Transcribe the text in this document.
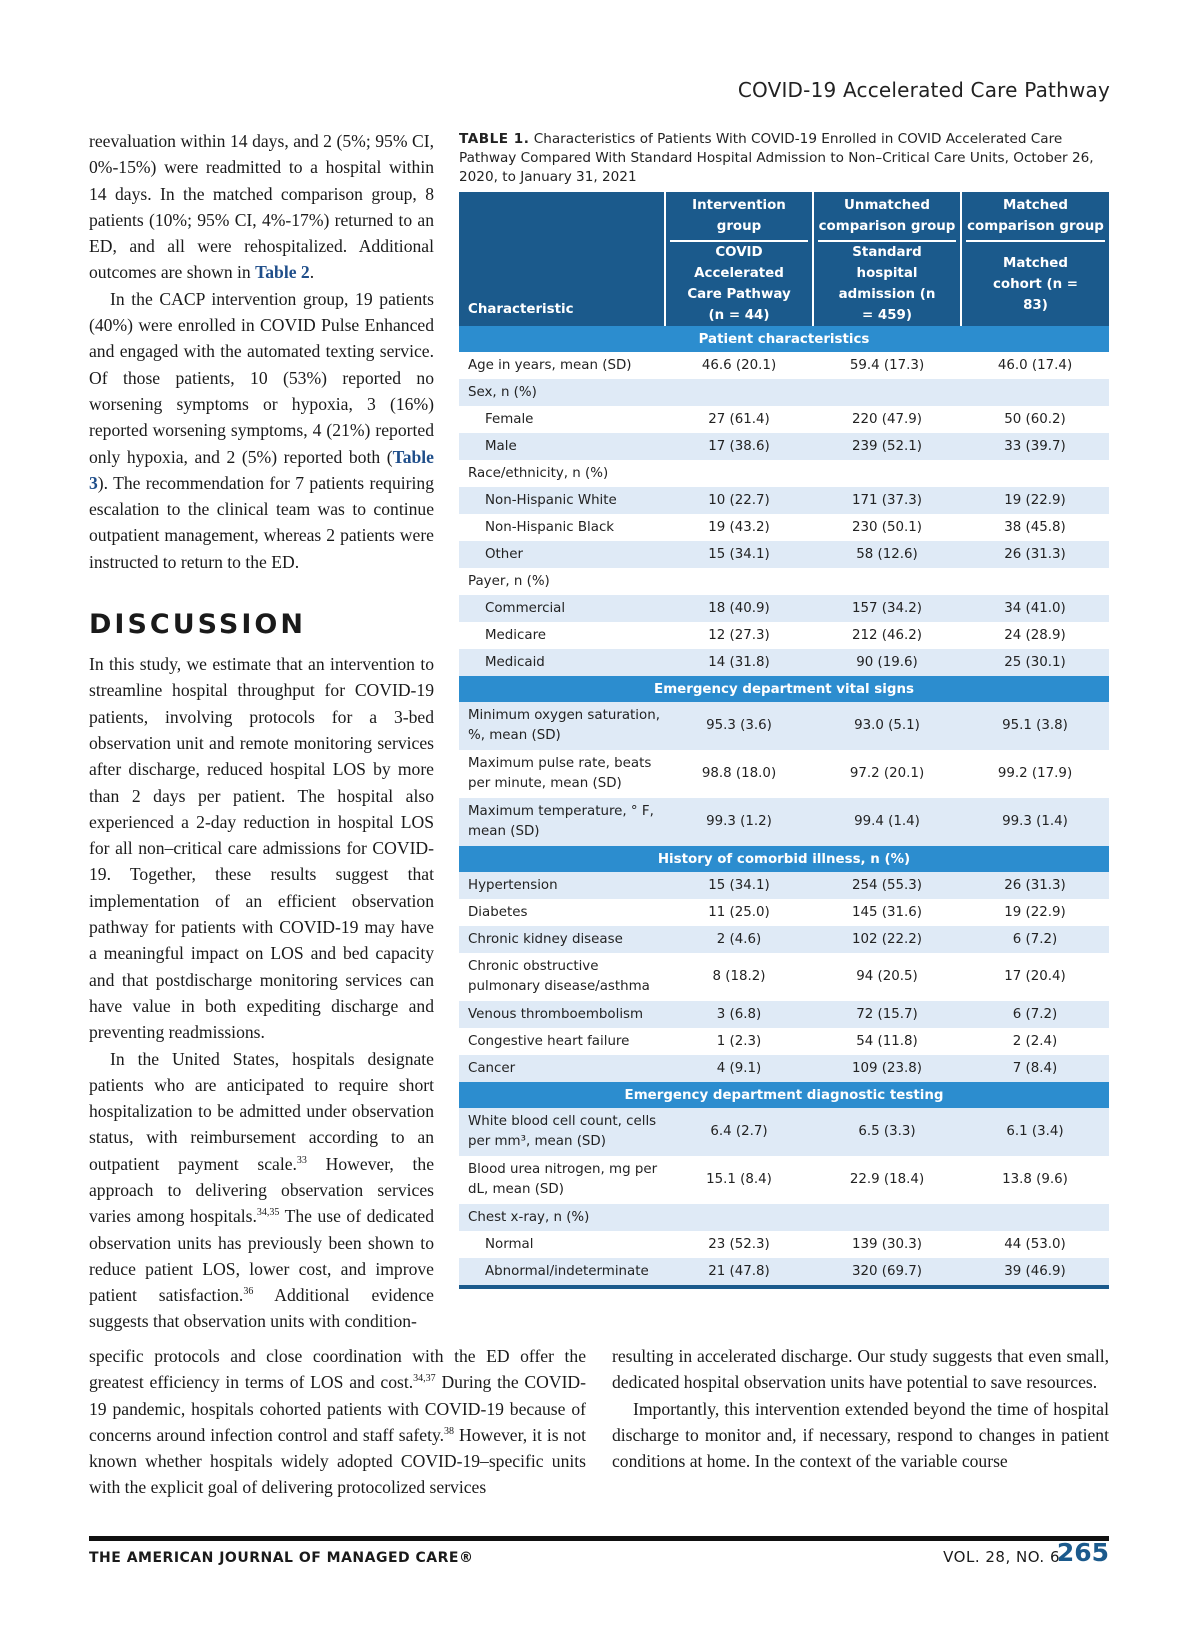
COVID-19 Accelerated Care Pathway

reevaluation within 14 days, and 2 (5%; 95% CI, 0%-15%) were readmitted to a hospital within 14 days. In the matched comparison group, 8 patients (10%; 95% CI, 4%-17%) returned to an ED, and all were rehospitalized. Additional outcomes are shown in Table 2.

In the CACP intervention group, 19 patients (40%) were enrolled in COVID Pulse Enhanced and engaged with the automated texting service. Of those patients, 10 (53%) reported no worsening symptoms or hypoxia, 3 (16%) reported worsening symptoms, 4 (21%) reported only hypoxia, and 2 (5%) reported both (Table 3). The recommendation for 7 patients requiring escalation to the clinical team was to continue outpatient management, whereas 2 patients were instructed to return to the ED.

DISCUSSION

In this study, we estimate that an intervention to streamline hospital throughput for COVID-19 patients, involving protocols for a 3-bed observation unit and remote monitoring services after discharge, reduced hospital LOS by more than 2 days per patient. The hospital also experienced a 2-day reduction in hospital LOS for all non–critical care admissions for COVID-19. Together, these results suggest that implementation of an efficient observation pathway for patients with COVID-19 may have a meaningful impact on LOS and bed capacity and that postdischarge monitoring services can have value in both expediting discharge and preventing readmissions.

In the United States, hospitals designate patients who are anticipated to require short hospitalization to be admitted under observation status, with reimbursement according to an outpatient payment scale.$^{33}$ However, the approach to delivering observation services varies among hospitals.$^{34,35}$ The use of dedicated observation units has previously been shown to reduce patient LOS, lower cost, and improve patient satisfaction.$^{36}$ Additional evidence suggests that observation units with condition-

TABLE 1. Characteristics of Patients With COVID-19 Enrolled in COVID Accelerated Care Pathway Compared With Standard Hospital Admission to Non–Critical Care Units, October 26, 2020, to January 31, 2021
Characteristic	Intervention group	Unmatched comparison group	Matched comparison group

	COVID Accelerated Care Pathway (n = 44)	Standard hospital admission (n = 459)	Matched cohort (n = 83)
Patient characteristics			
Age in years, mean (SD)	46.6 (20.1)	59.4 (17.3)	46.0 (17.4)
Sex, n (%)			
Female	27 (61.4)	220 (47.9)	50 (60.2)
Male	17 (38.6)	239 (52.1)	33 (39.7)
Race/ethnicity, n (%)			
Non-Hispanic White	10 (22.7)	171 (37.3)	19 (22.9)
Non-Hispanic Black	19 (43.2)	230 (50.1)	38 (45.8)
Other	15 (34.1)	58 (12.6)	26 (31.3)
Payer, n (%)			
Commercial	18 (40.9)	157 (34.2)	34 (41.0)
Medicare	12 (27.3)	212 (46.2)	24 (28.9)
Medicaid	14 (31.8)	90 (19.6)	25 (30.1)
Emergency department vital signs			
Minimum oxygen saturation, %, mean (SD)	95.3 (3.6)	93.0 (5.1)	95.1 (3.8)
Maximum pulse rate, beats per minute, mean (SD)	98.8 (18.0)	97.2 (20.1)	99.2 (17.9)
Maximum temperature, ° F, mean (SD)	99.3 (1.2)	99.4 (1.4)	99.3 (1.4)
History of comorbid illness, n (%)			
Hypertension	15 (34.1)	254 (55.3)	26 (31.3)
Diabetes	11 (25.0)	145 (31.6)	19 (22.9)
Chronic kidney disease	2 (4.6)	102 (22.2)	6 (7.2)
Chronic obstructive pulmonary disease/asthma	8 (18.2)	94 (20.5)	17 (20.4)
Venous thromboembolism	3 (6.8)	72 (15.7)	6 (7.2)
Congestive heart failure	1 (2.3)	54 (11.8)	2 (2.4)
Cancer	4 (9.1)	109 (23.8)	7 (8.4)
Emergency department diagnostic testing			
White blood cell count, cells per mm³, mean (SD)	6.4 (2.7)	6.5 (3.3)	6.1 (3.4)
Blood urea nitrogen, mg per dL, mean (SD)	15.1 (8.4)	22.9 (18.4)	13.8 (9.6)
Chest x-ray, n (%)			
Normal	23 (52.3)	139 (30.3)	44 (53.0)
Abnormal/indeterminate	21 (47.8)	320 (69.7)	39 (46.9)

specific protocols and close coordination with the ED offer the greatest efficiency in terms of LOS and cost.$^{34,37}$ During the COVID-19 pandemic, hospitals cohorted patients with COVID-19 because of concerns around infection control and staff safety.$^{38}$ However, it is not known whether hospitals widely adopted COVID-19–specific units with the explicit goal of delivering protocolized services

resulting in accelerated discharge. Our study suggests that even small, dedicated hospital observation units have potential to save resources.

Importantly, this intervention extended beyond the time of hospital discharge to monitor and, if necessary, respond to changes in patient conditions at home. In the context of the variable course

THE AMERICAN JOURNAL OF MANAGED CARE®	VOL. 28, NO. 6
265
